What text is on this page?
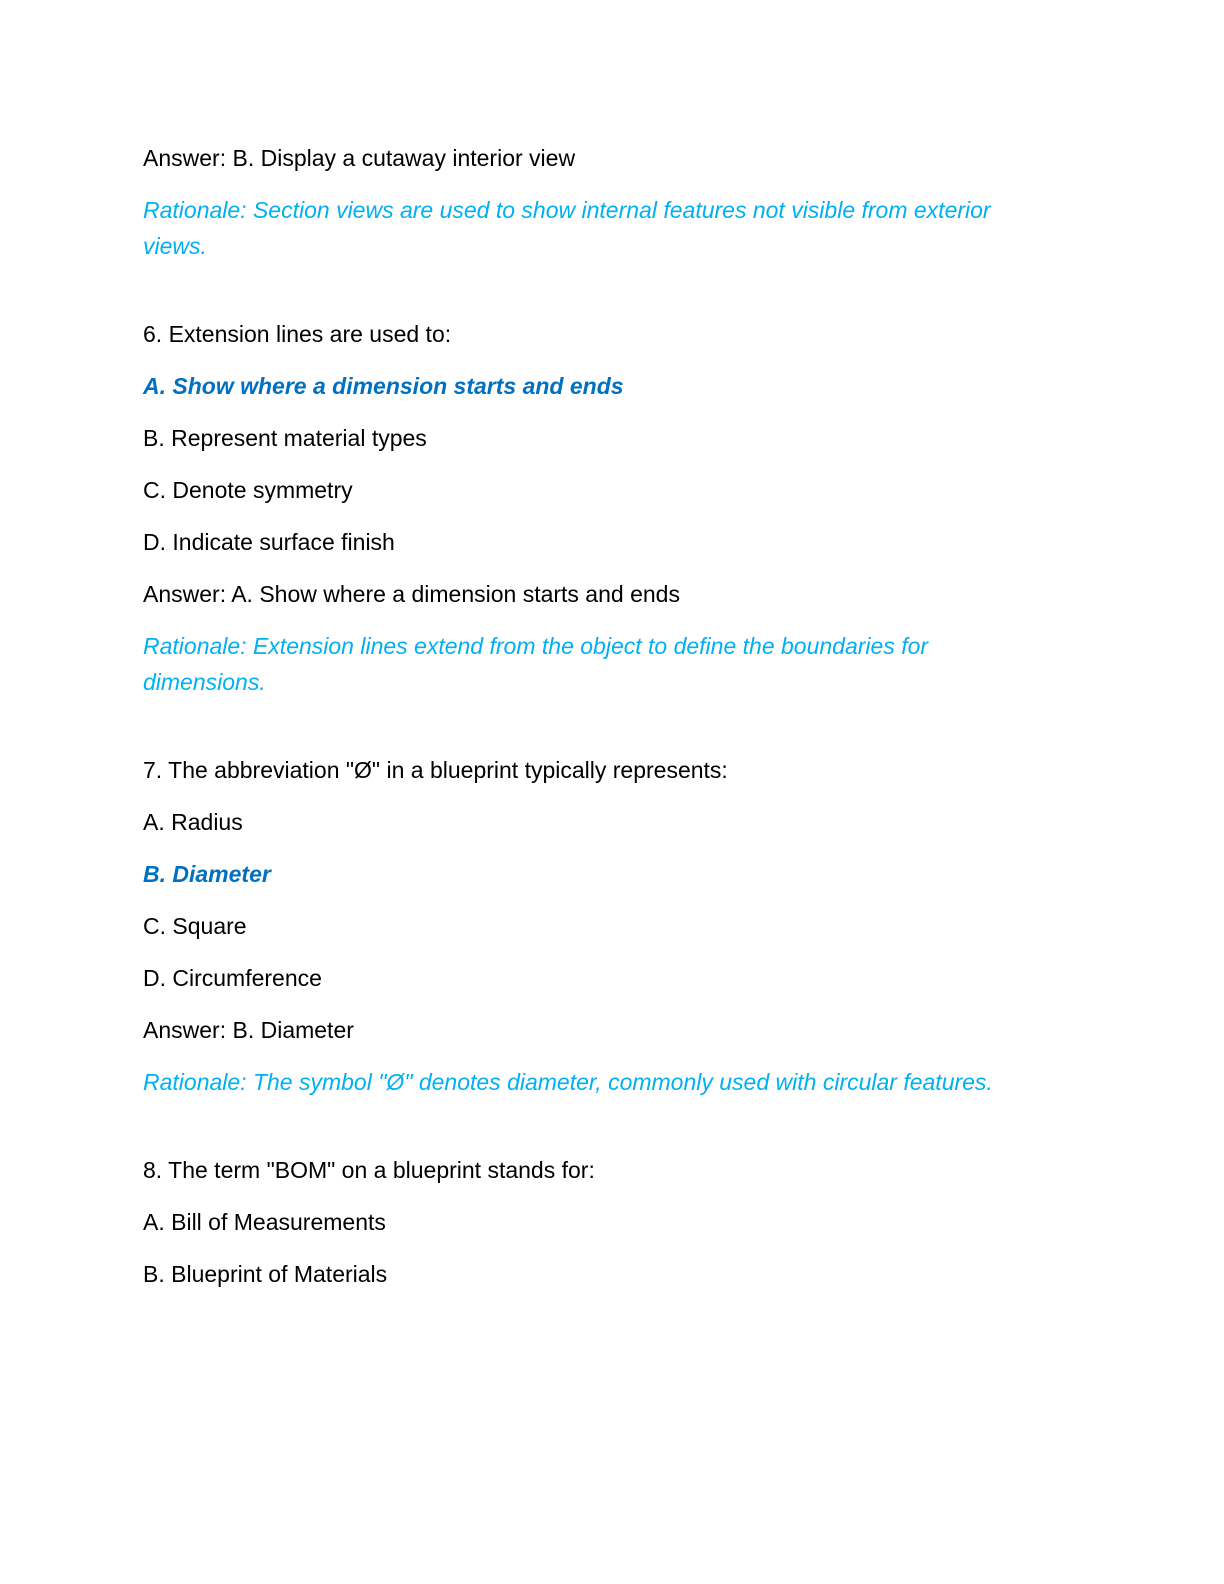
Answer: B. Display a cutaway interior view

Rationale: Section views are used to show internal features not visible from exterior views.

6. Extension lines are used to:

A. Show where a dimension starts and ends

B. Represent material types

C. Denote symmetry

D. Indicate surface finish

Answer: A. Show where a dimension starts and ends

Rationale: Extension lines extend from the object to define the boundaries for dimensions.

7. The abbreviation "Ø" in a blueprint typically represents:

A. Radius

B. Diameter

C. Square

D. Circumference

Answer: B. Diameter

Rationale: The symbol "Ø" denotes diameter, commonly used with circular features.

8. The term "BOM" on a blueprint stands for:

A. Bill of Measurements

B. Blueprint of Materials
